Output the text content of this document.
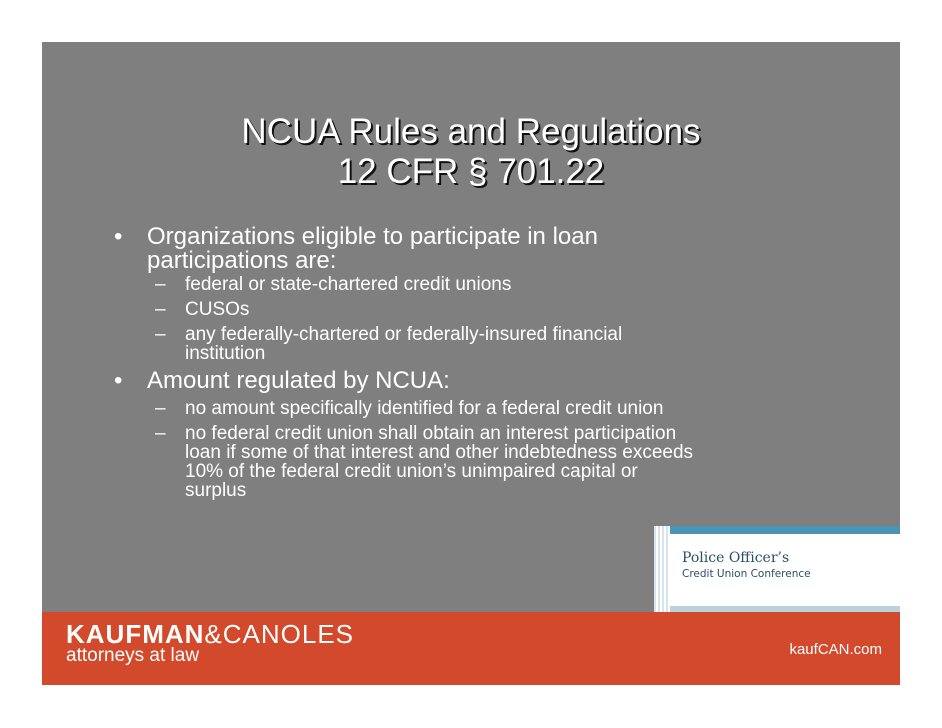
NCUA Rules and Regulations
12 CFR § 701.22
• Organizations eligible to participate in loan
participations are:
– federal or state-chartered credit unions
– CUSOs
– any federally-chartered or federally-insured financial
institution
• Amount regulated by NCUA:
– no amount specifically identified for a federal credit union
– no federal credit union shall obtain an interest participation
loan if some of that interest and other indebtedness exceeds
10% of the federal credit union’s unimpaired capital or
surplus
Police Officer’s
Credit Union Conference
KAUFMAN&CANOLES
attorneys at law	kaufCAN.com
